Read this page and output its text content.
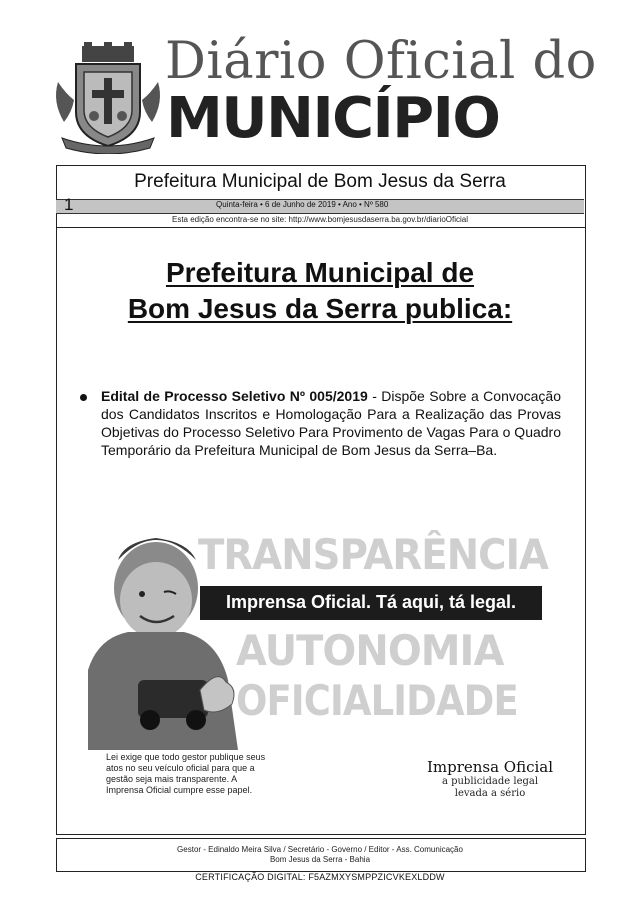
Diário Oficial do
MUNICÍPIO
Prefeitura Municipal de Bom Jesus da Serra
1	Quinta-feira • 6 de Junho de 2019 • Ano • Nº 580
Esta edição encontra-se no site: http://www.bomjesusdaserra.ba.gov.br/diarioOficial
Prefeitura Municipal de
Bom Jesus da Serra publica:
Edital de Processo Seletivo Nº 005/2019 - Dispõe Sobre a Convocação dos Candidatos Inscritos e Homologação Para a Realização das Provas Objetivas do Processo Seletivo Para Provimento de Vagas Para o Quadro Temporário da Prefeitura Municipal de Bom Jesus da Serra–Ba.
TRANSPARÊNCIA
Imprensa Oficial. Tá aqui, tá legal.
AUTONOMIA
OFICIALIDADE
Lei exige que todo gestor publique seus atos no seu veículo oficial para que a gestão seja mais transparente. A Imprensa Oficial cumpre esse papel.
Imprensa Oficial
a publicidade legal
levada a sério
Gestor - Edinaldo Meira Silva / Secretário - Governo / Editor - Ass. Comunicação
Bom Jesus da Serra - Bahia
CERTIFICAÇÃO DIGITAL: F5AZMXYSMPPZICVKEXLDDW
